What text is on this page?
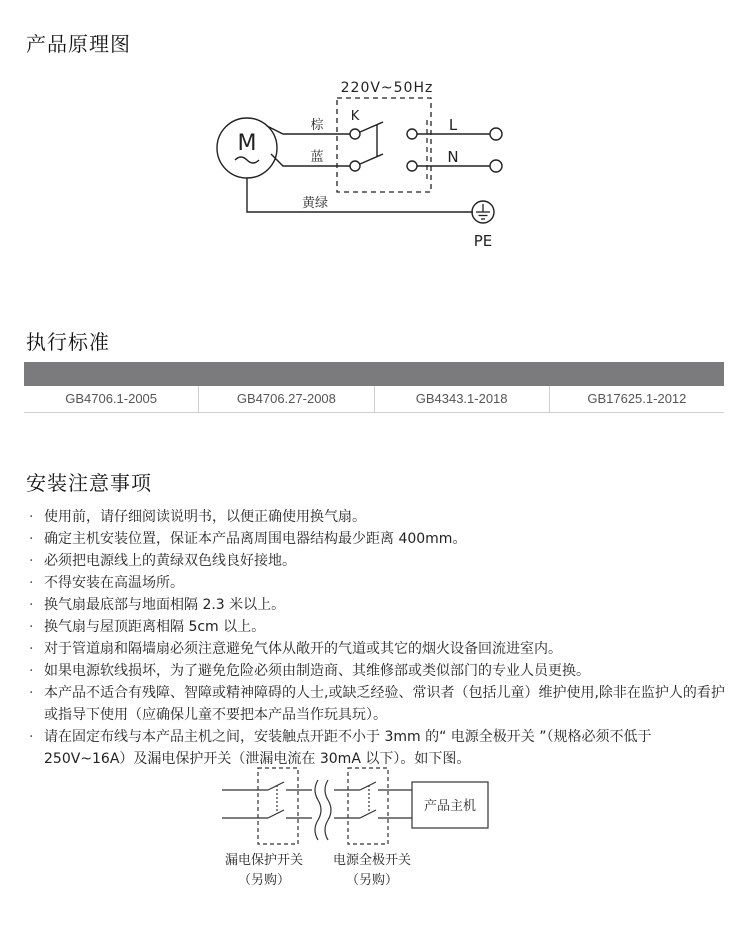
产品原理图
M
220V~50Hz
K
棕
蓝
黄绿
L
N
PE
执行标准
GB4706.1-2005	GB4706.27-2008	GB4343.1-2018	GB17625.1-2012
安装注意事项
· 使用前，请仔细阅读说明书，以便正确使用换气扇。
· 确定主机安装位置，保证本产品离周围电器结构最少距离 400mm。
· 必须把电源线上的黄绿双色线良好接地。
· 不得安装在高温场所。
· 换气扇最底部与地面相隔 2.3 米以上。
· 换气扇与屋顶距离相隔 5cm 以上。
· 对于管道扇和隔墙扇必须注意避免气体从敞开的气道或其它的烟火设备回流进室内。
· 如果电源软线损坏，为了避免危险必须由制造商、其维修部或类似部门的专业人员更换。
· 本产品不适合有残障、智障或精神障碍的人士,或缺乏经验、常识者（包括儿童）维护使用,除非在监护人的看护或指导下使用（应确保儿童不要把本产品当作玩具玩）。
· 请在固定布线与本产品主机之间，安装触点开距不小于 3mm 的“ 电源全极开关 ”（规格必须不低于 250V~16A）及漏电保护开关（泄漏电流在 30mA 以下）。如下图。
产品主机
漏电保护开关
（另购）
电源全极开关
（另购）
